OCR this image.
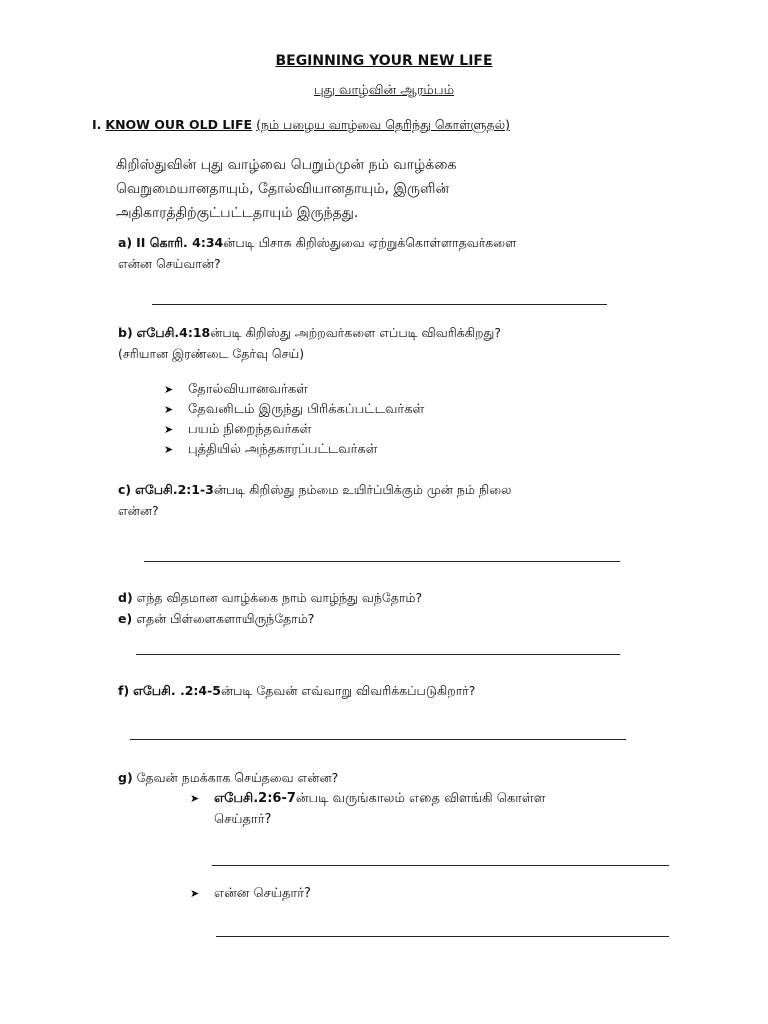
BEGINNING YOUR NEW LIFE
புது வாழ்வின் ஆரம்பம்
I. KNOW OUR OLD LIFE (நம் பழைய வாழ்வை தெரிந்து கொள்ளுதல்)
கிறிஸ்துவின் புது வாழ்வை பெறும்முன் நம் வாழ்க்கை
வெறுமையானதாயும், தோல்வியானதாயும், இருளின்
அதிகாரத்திற்குட்பட்டதாயும் இருந்தது.
a) II கொரி. 4:34ன்படி பிசாசு கிறிஸ்துவை ஏற்றுக்கொள்ளாதவர்களை
என்ன செய்வான்?
b) எபேசி.4:18ன்படி கிறிஸ்து அற்றவர்களை எப்படி விவரிக்கிறது?
(சரியான இரண்டை தேர்வு செய்)
➤	தோல்வியானவர்கள்
➤	தேவனிடம் இருந்து பிரிக்கப்பட்டவர்கள்
➤	பயம் நிறைந்தவர்கள்
➤	புத்தியில் அந்தகாரப்பட்டவர்கள்
c) எபேசி.2:1-3ன்படி கிறிஸ்து நம்மை உயிர்ப்பிக்கும் முன் நம் நிலை
என்ன?
d) எந்த விதமான வாழ்க்கை நாம் வாழ்ந்து வந்தோம்?
e) எதன் பிள்ளைகளாயிருந்தோம்?
f) எபேசி. .2:4-5ன்படி தேவன் எவ்வாறு விவரிக்கப்படுகிறார்?
g) தேவன் நமக்காக செய்தவை என்ன?
➤	எபேசி.2:6-7ன்படி வருங்காலம் எதை விளங்கி கொள்ள
செய்தார்?
➤ என்ன செய்தார்?
